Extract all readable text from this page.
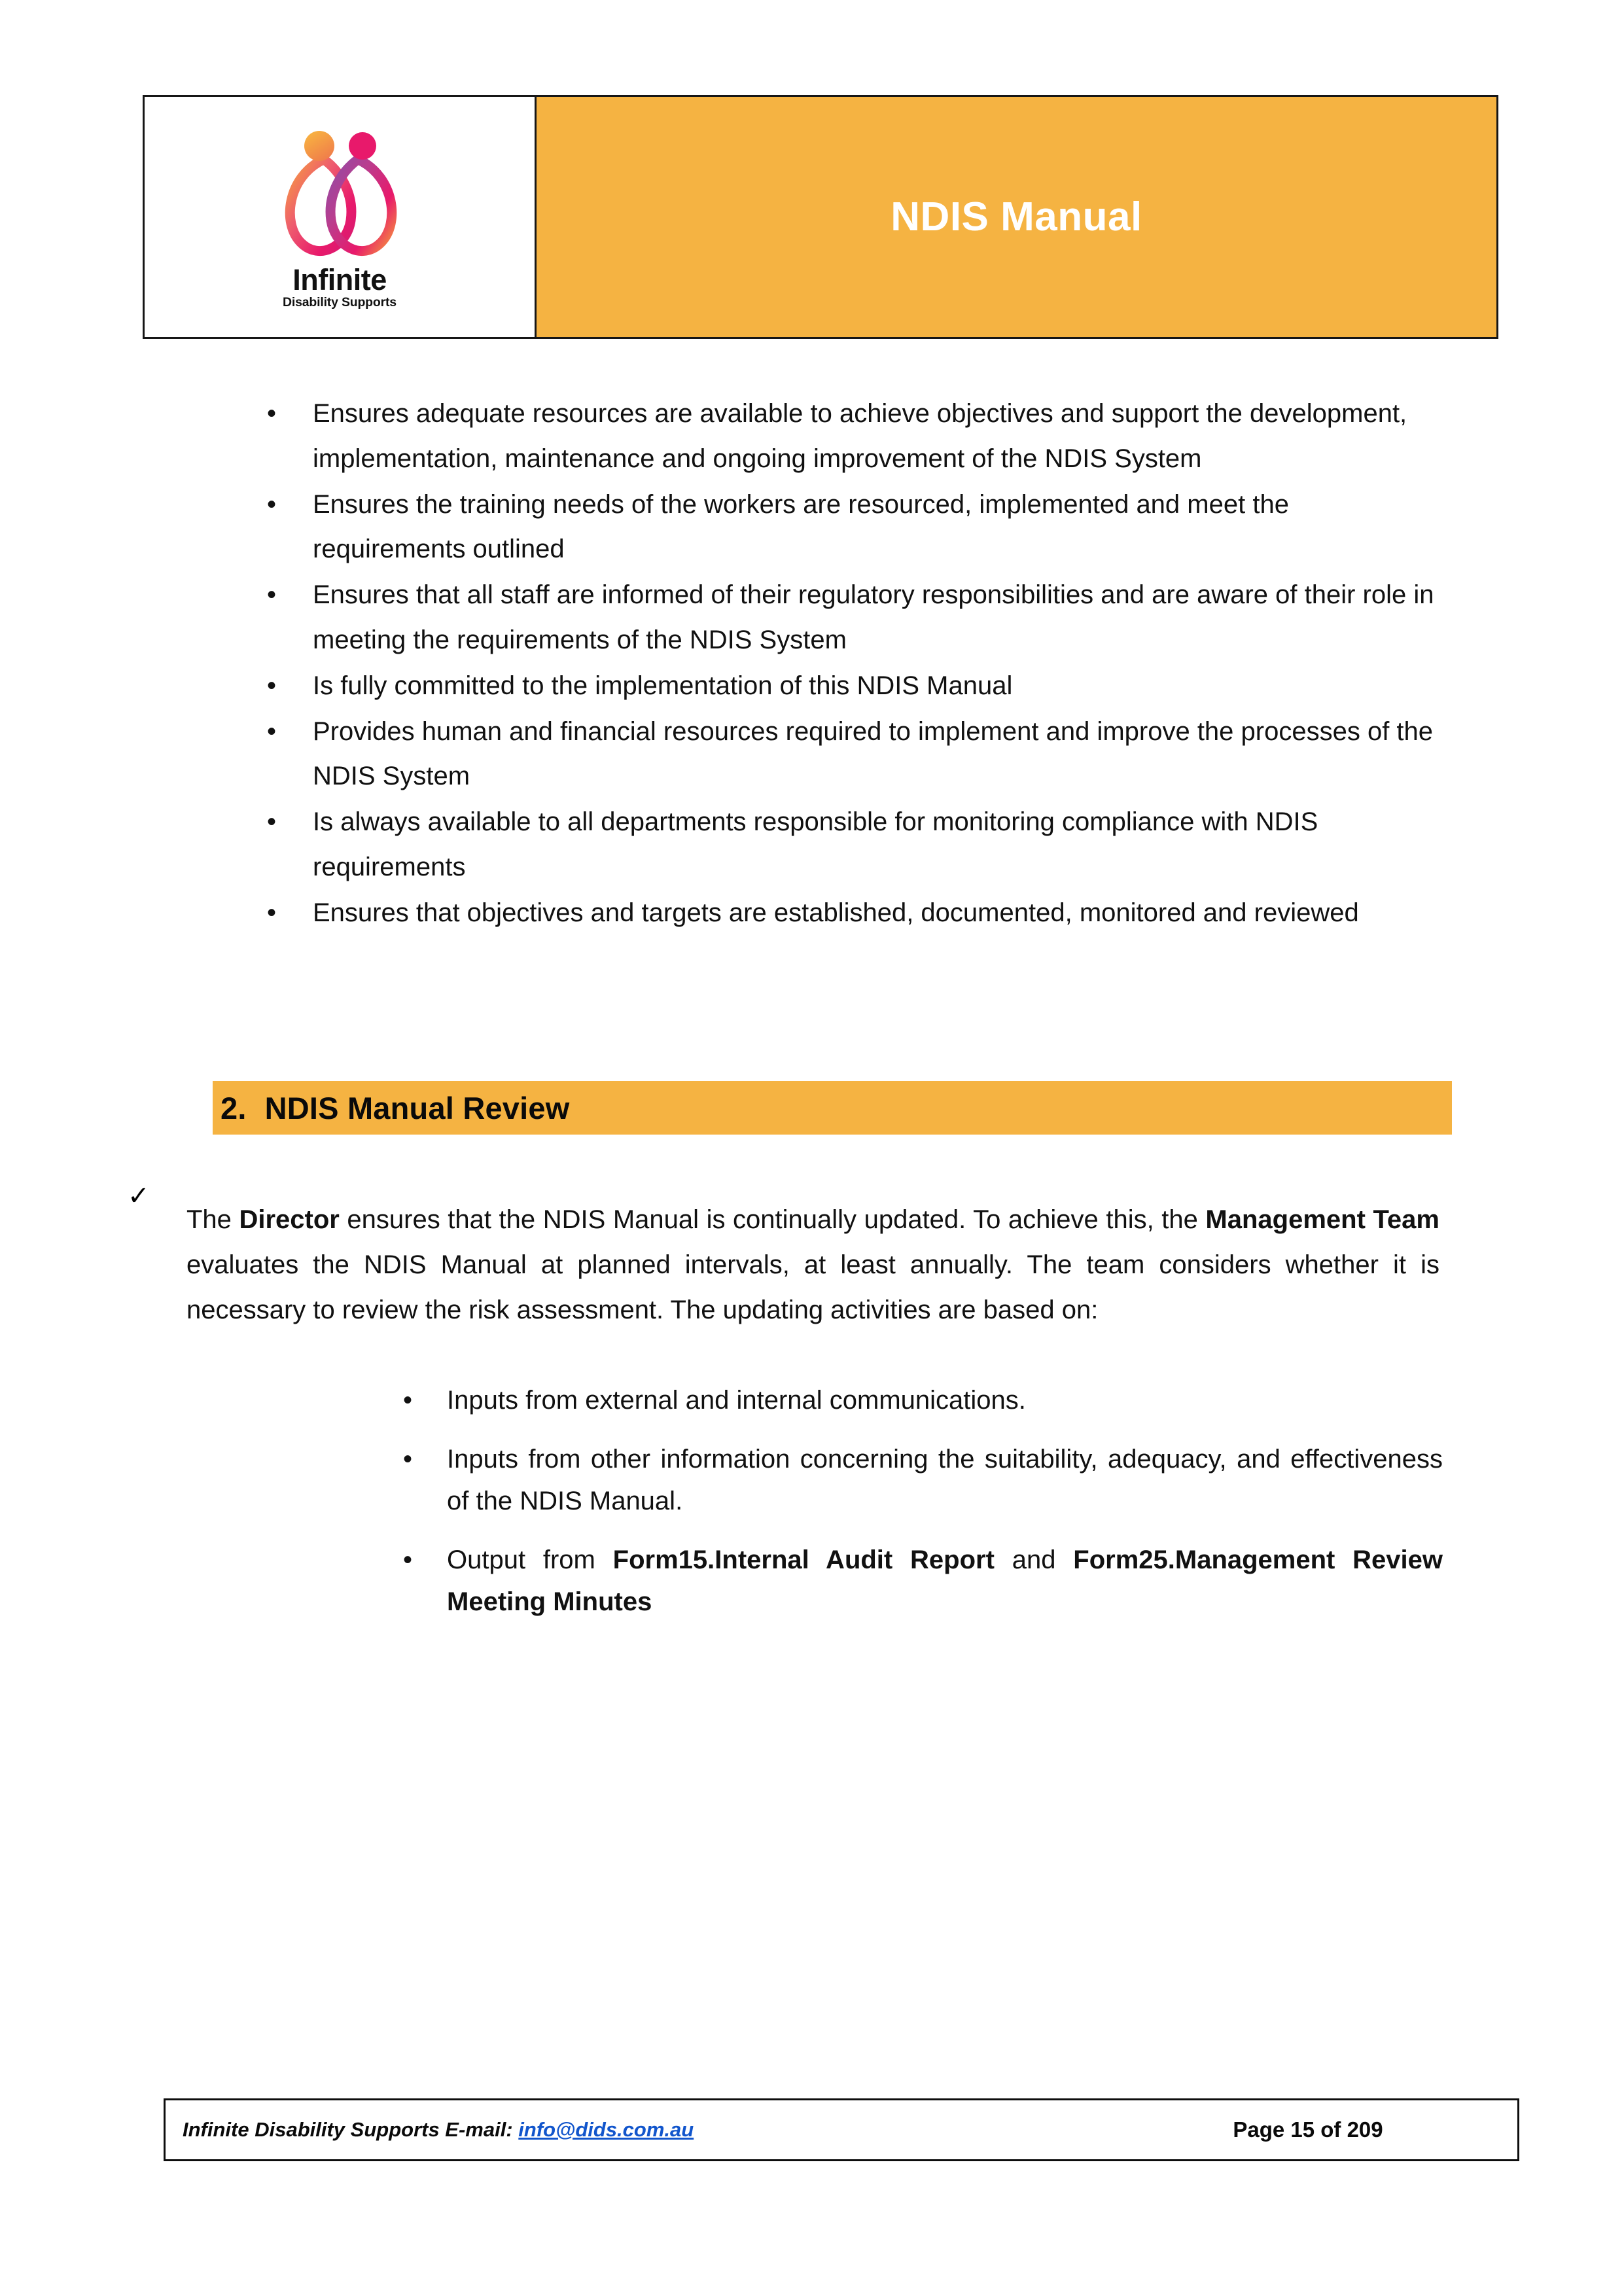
Infinite
Disability Supports
NDIS Manual
• Ensures adequate resources are available to achieve objectives and support the development, implementation, maintenance and ongoing improvement of the NDIS System
• Ensures the training needs of the workers are resourced, implemented and meet the requirements outlined
• Ensures that all staff are informed of their regulatory responsibilities and are aware of their role in meeting the requirements of the NDIS System
• Is fully committed to the implementation of this NDIS Manual
• Provides human and financial resources required to implement and improve the processes of the NDIS System
• Is always available to all departments responsible for monitoring compliance with NDIS requirements
• Ensures that objectives and targets are established, documented, monitored and reviewed
2. NDIS Manual Review
✓

The Director ensures that the NDIS Manual is continually updated. To achieve this, the Management Team evaluates the NDIS Manual at planned intervals, at least annually. The team considers whether it is necessary to review the risk assessment. The updating activities are based on:

• Inputs from external and internal communications.
• Inputs from other information concerning the suitability, adequacy, and effectiveness of the NDIS Manual.
• Output from Form15.Internal Audit Report and Form25.Management Review Meeting Minutes
Infinite Disability Supports E-mail: info@dids.com.au	Page 15 of 209
